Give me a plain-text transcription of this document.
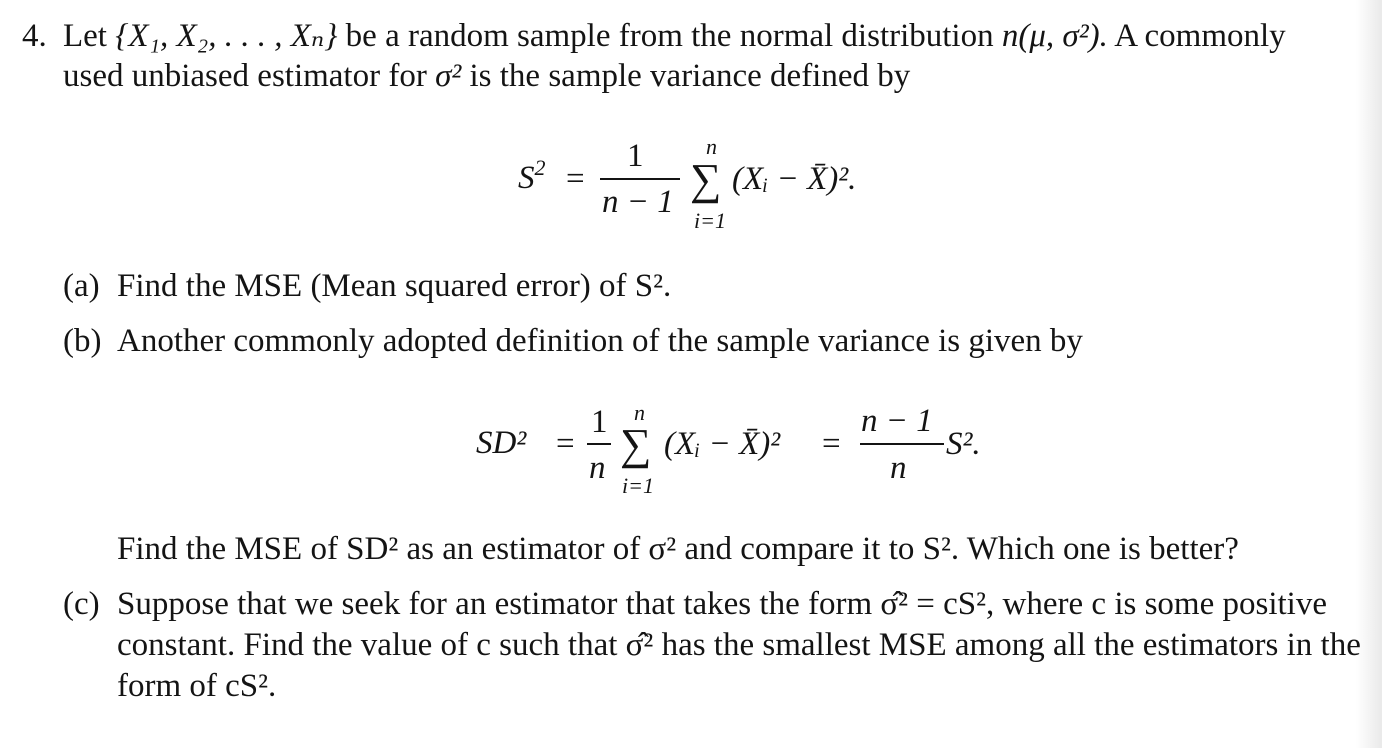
4. Let {X₁, X₂, . . . , Xₙ} be a random sample from the normal distribution n(μ, σ²). A commonly
used unbiased estimator for σ² is the sample variance defined by
$S^2$ =
1
n − 1
n
∑
i=1
(Xᵢ − X̄)².
(a) Find the MSE (Mean squared error) of S².
(b) Another commonly adopted definition of the sample variance is given by
SD² =
1
n
n
∑
i=1
(Xᵢ − X̄)² =
n − 1
n
S².
Find the MSE of SD² as an estimator of σ² and compare it to S². Which one is better?
(c) Suppose that we seek for an estimator that takes the form σ̂² = cS², where c is some positive
constant. Find the value of c such that σ̂² has the smallest MSE among all the estimators in the
form of cS².
